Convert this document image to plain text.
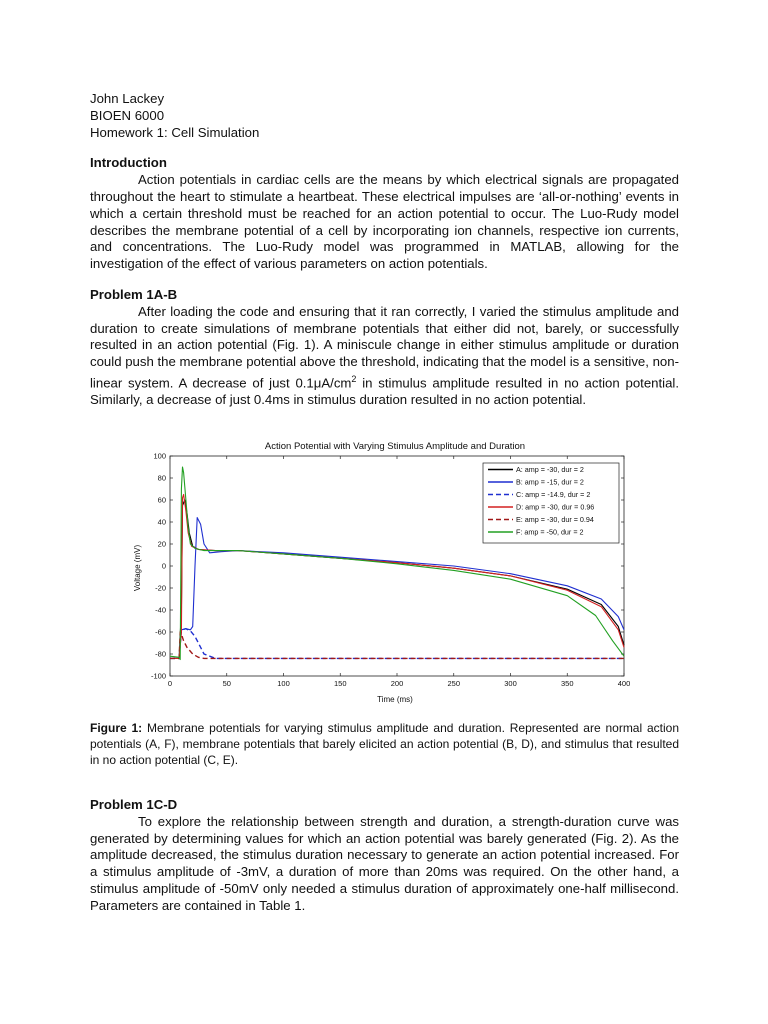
John Lackey
BIOEN 6000
Homework 1: Cell Simulation
Introduction

Action potentials in cardiac cells are the means by which electrical signals are propagated throughout the heart to stimulate a heartbeat. These electrical impulses are ‘all-or-nothing’ events in which a certain threshold must be reached for an action potential to occur. The Luo-Rudy model describes the membrane potential of a cell by incorporating ion channels, respective ion currents, and concentrations. The Luo-Rudy model was programmed in MATLAB, allowing for the investigation of the effect of various parameters on action potentials.

Problem 1A-B

After loading the code and ensuring that it ran correctly, I varied the stimulus amplitude and duration to create simulations of membrane potentials that either did not, barely, or successfully resulted in an action potential (Fig. 1). A miniscule change in either stimulus amplitude or duration could push the membrane potential above the threshold, indicating that the model is a sensitive, non-linear system. A decrease of just $0.1\mu A/cm^2$ in stimulus amplitude resulted in no action potential. Similarly, a decrease of just 0.4ms in stimulus duration resulted in no action potential.

Action Potential with Varying Stimulus Amplitude and Duration
0	50	100	150	200	250	300	350	400
100
80
60
40
20
0
-20
-40
-60
-80
-100
A: amp = -30, dur = 2
B: amp = -15, dur = 2
C: amp = -14.9, dur = 2
D: amp = -30, dur = 0.96
E: amp = -30, dur = 0.94
F: amp = -50, dur = 2
Time (ms)
Voltage (mV)
Figure 1: Membrane potentials for varying stimulus amplitude and duration. Represented are normal action potentials (A, F), membrane potentials that barely elicited an action potential (B, D), and stimulus that resulted in no action potential (C, E).
Problem 1C-D

To explore the relationship between strength and duration, a strength-duration curve was generated by determining values for which an action potential was barely generated (Fig. 2). As the amplitude decreased, the stimulus duration necessary to generate an action potential increased. For a stimulus amplitude of -3mV, a duration of more than 20ms was required. On the other hand, a stimulus amplitude of -50mV only needed a stimulus duration of approximately one-half millisecond. Parameters are contained in Table 1.
